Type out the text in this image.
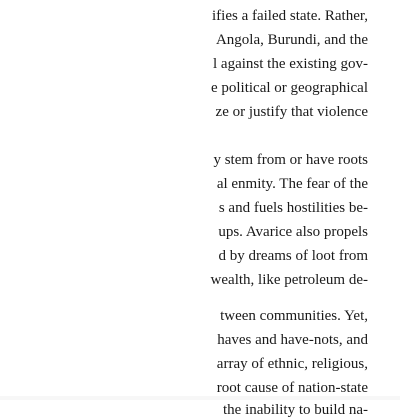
ifies a failed state. Rather,
Angola, Burundi, and the
l against the existing gov-
e political or geographical
ze or justify that violence
y stem from or have roots
al enmity. The fear of the
s and fuels hostilities be-
ups. Avarice also propels
d by dreams of loot from
wealth, like petroleum de-
tween communities. Yet,
haves and have-nots, and
array of ethnic, religious,
root cause of nation-state
the inability to build na-
